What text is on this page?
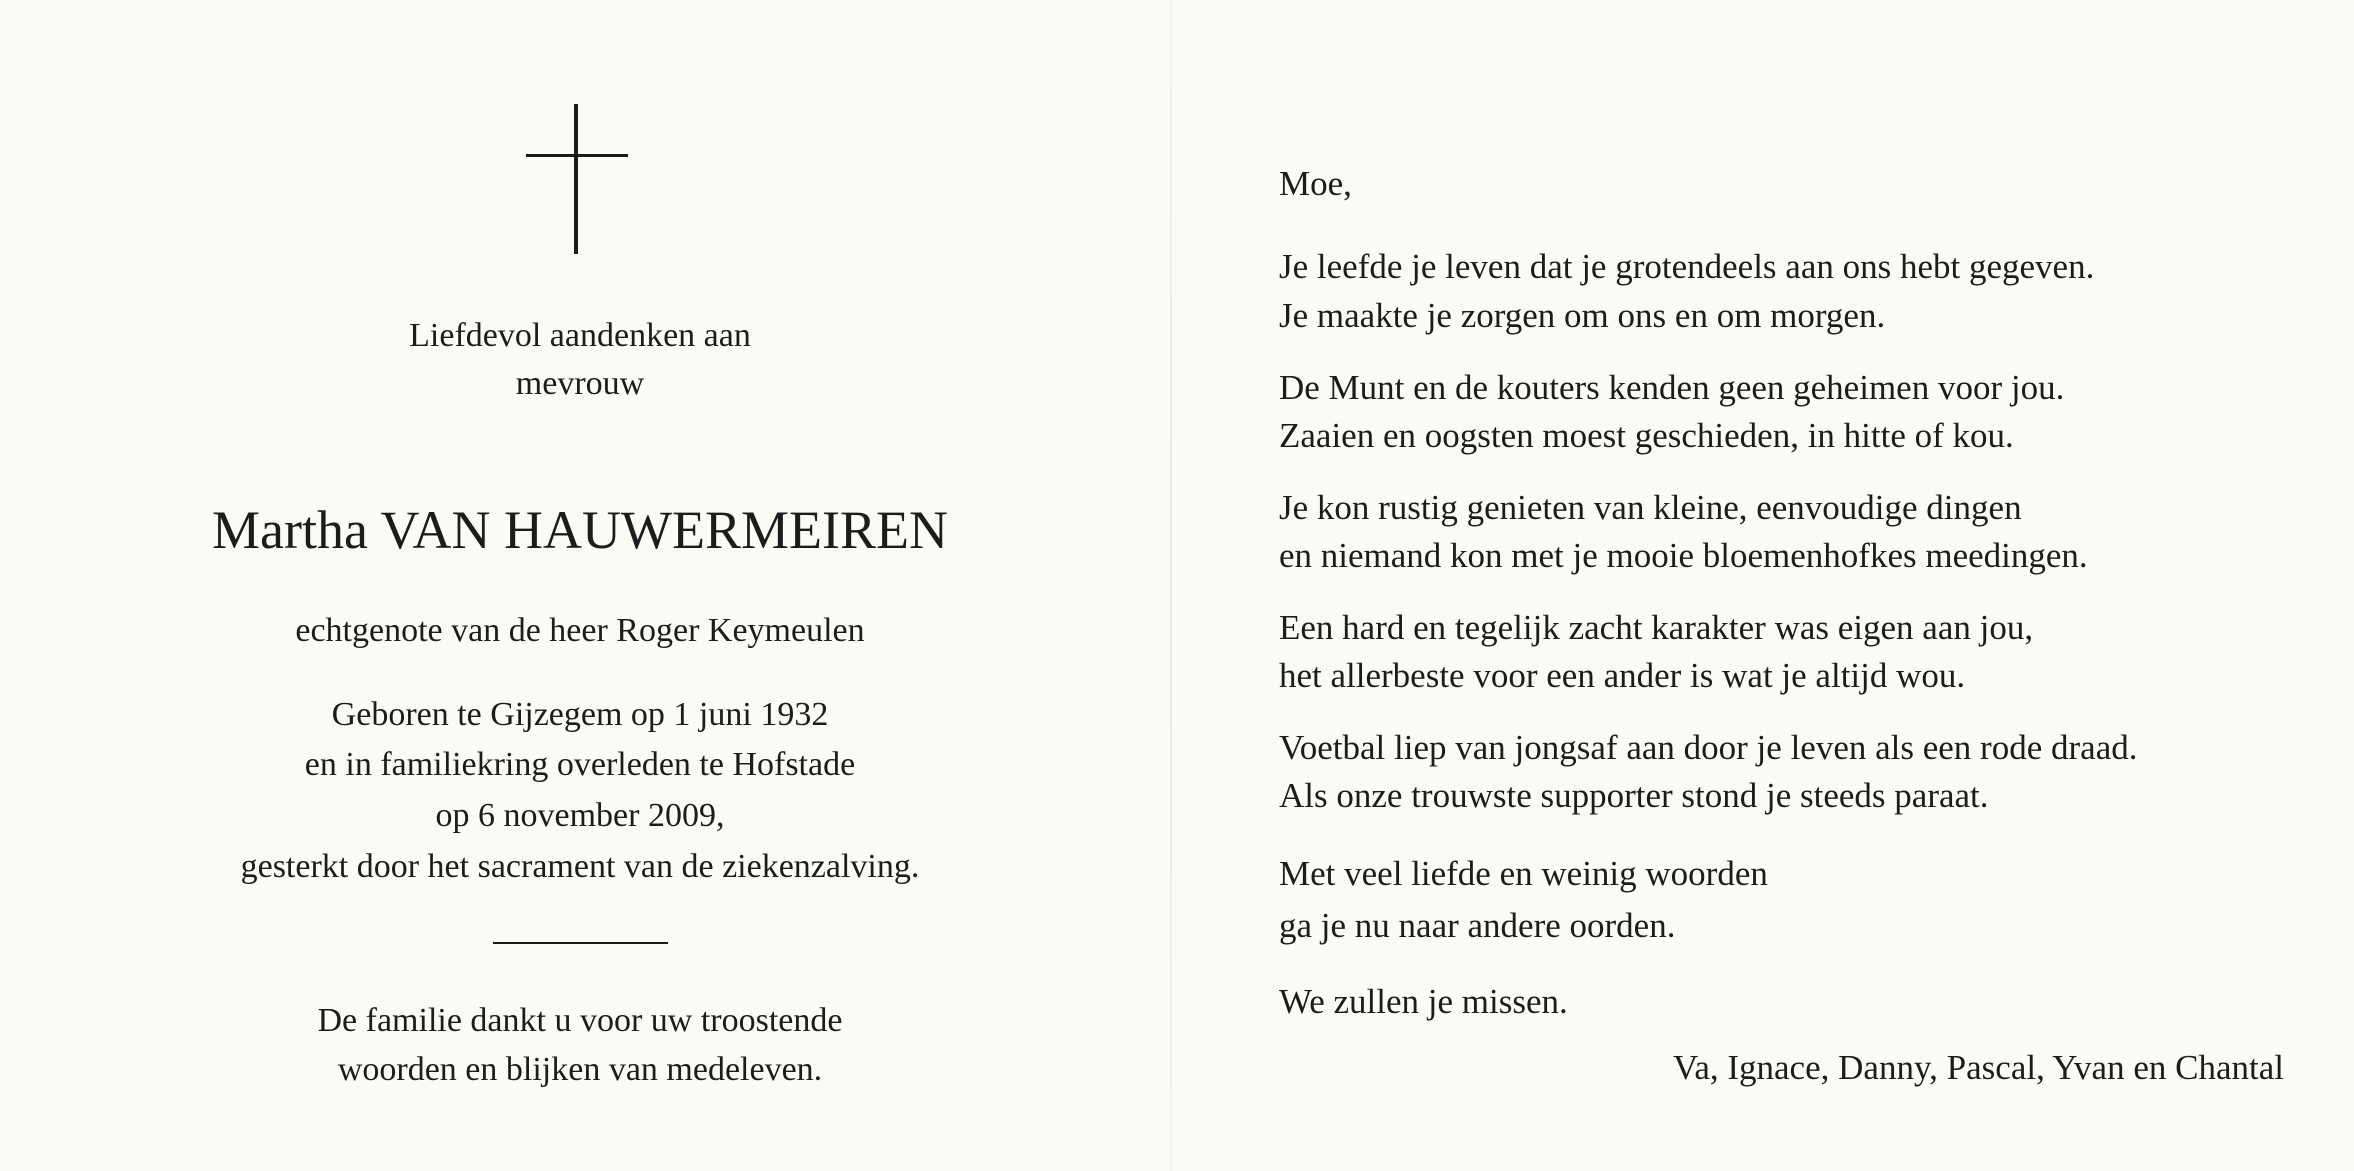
Liefdevol aandenken aan
mevrouw
Martha VAN HAUWERMEIREN
echtgenote van de heer Roger Keymeulen
Geboren te Gijzegem op 1 juni 1932
en in familiekring overleden te Hofstade
op 6 november 2009,
gesterkt door het sacrament van de ziekenzalving.
De familie dankt u voor uw troostende
woorden en blijken van medeleven.
Moe,
Je leefde je leven dat je grotendeels aan ons hebt gegeven.
Je maakte je zorgen om ons en om morgen.
De Munt en de kouters kenden geen geheimen voor jou.
Zaaien en oogsten moest geschieden, in hitte of kou.
Je kon rustig genieten van kleine, eenvoudige dingen
en niemand kon met je mooie bloemenhofkes meedingen.
Een hard en tegelijk zacht karakter was eigen aan jou,
het allerbeste voor een ander is wat je altijd wou.
Voetbal liep van jongsaf aan door je leven als een rode draad.
Als onze trouwste supporter stond je steeds paraat.
Met veel liefde en weinig woorden
ga je nu naar andere oorden.
We zullen je missen.
Va, Ignace, Danny, Pascal, Yvan en Chantal
